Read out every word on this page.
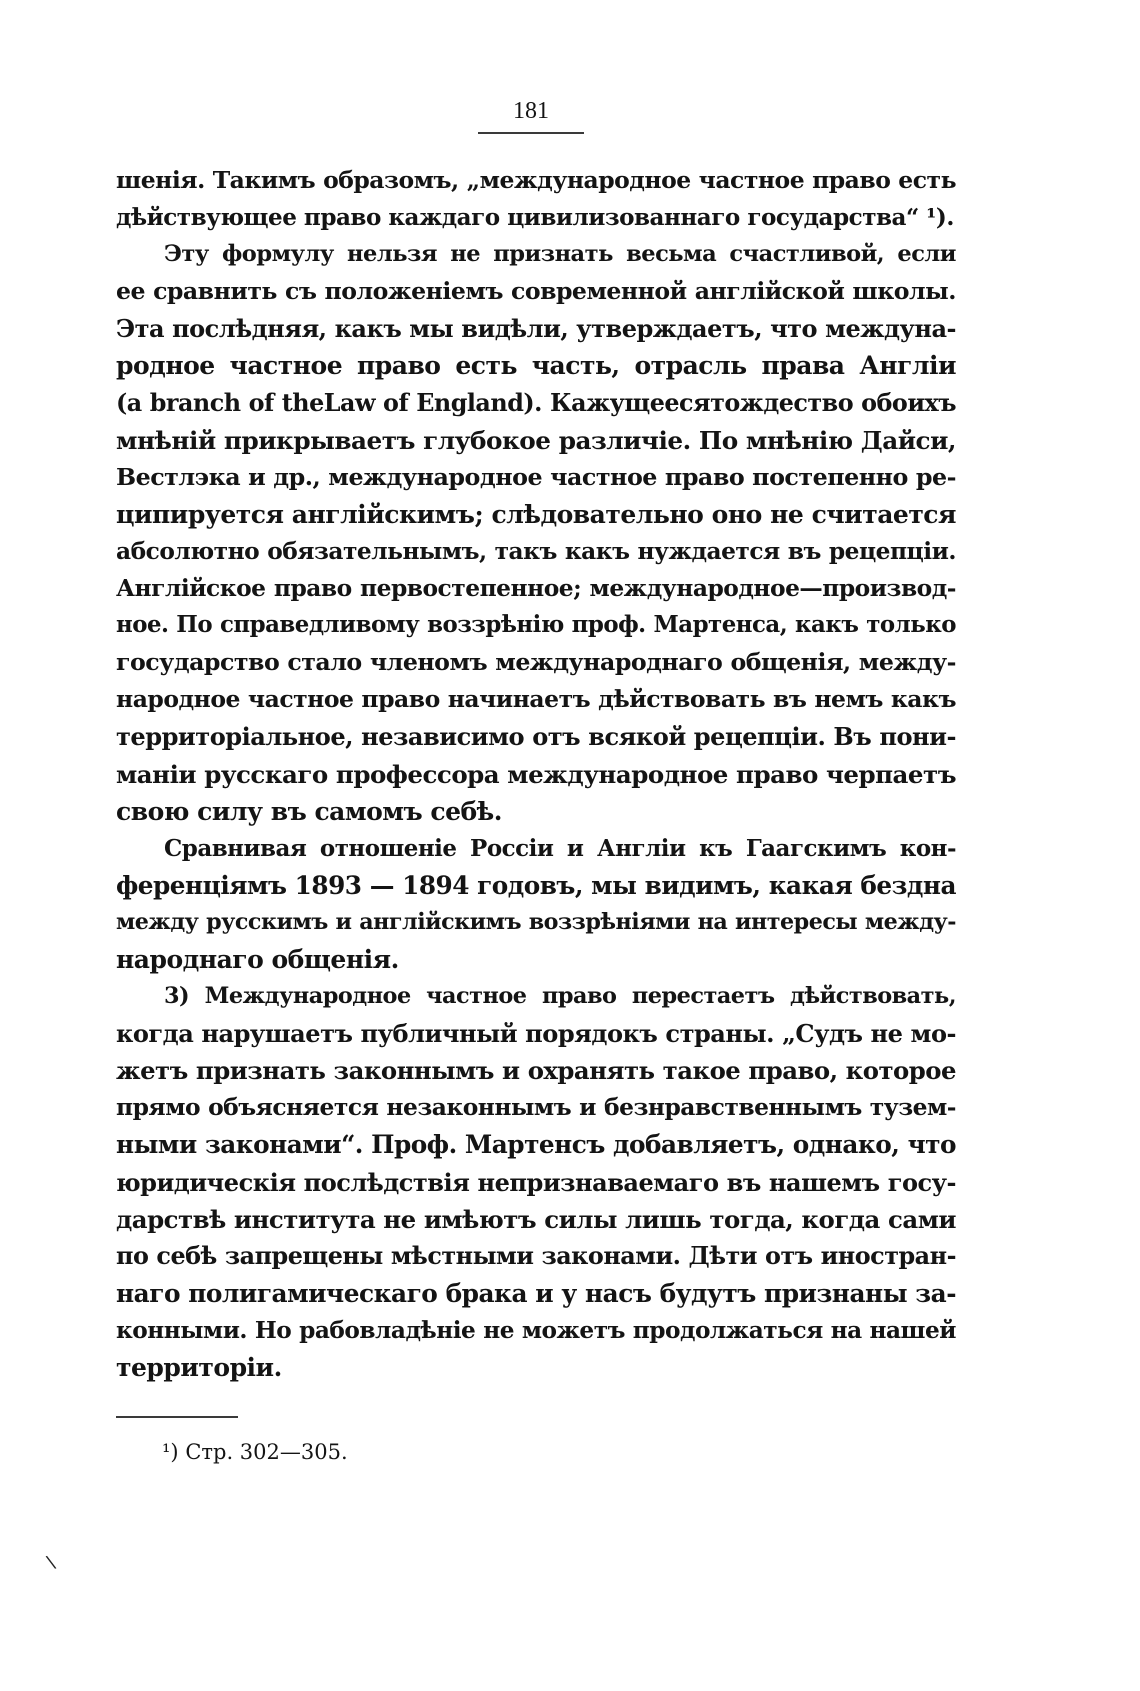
181
шенія. Такимъ образомъ, „международное частное право есть
дѣйствующее право каждаго цивилизованнаго государства“ ¹).
Эту формулу нельзя не признать весьма счастливой, если
ее сравнить съ положеніемъ современной англійской школы.
Эта послѣдняя, какъ мы видѣли, утверждаетъ, что междуна-
родное частное право есть часть, отрасль права Англіи
(a branch of theLaw of England). Кажущеесятождество обоихъ
мнѣній прикрываетъ глубокое различіе. По мнѣнію Дайси,
Вестлэка и др., международное частное право постепенно ре-
ципируется англійскимъ; слѣдовательно оно не считается
абсолютно обязательнымъ, такъ какъ нуждается въ рецепціи.
Англійское право первостепенное; международное—производ-
ное. По справедливому воззрѣнію проф. Мартенса, какъ только
государство стало членомъ международнаго общенія, между-
народное частное право начинаетъ дѣйствовать въ немъ какъ
территоріальное, независимо отъ всякой рецепціи. Въ пони-
маніи русскаго профессора международное право черпаетъ
свою силу въ самомъ себѣ.
Сравнивая отношеніе Россіи и Англіи къ Гаагскимъ кон-
ференціямъ 1893 — 1894 годовъ, мы видимъ, какая бездна
между русскимъ и англійскимъ воззрѣніями на интересы между-
народнаго общенія.
3) Международное частное право перестаетъ дѣйствовать,
когда нарушаетъ публичный порядокъ страны. „Судъ не мо-
жетъ признать законнымъ и охранять такое право, которое
прямо объясняется незаконнымъ и безнравственнымъ тузем-
ными законами“. Проф. Мартенсъ добавляетъ, однако, что
юридическія послѣдствія непризнаваемаго въ нашемъ госу-
дарствѣ института не имѣютъ силы лишь тогда, когда сами
по себѣ запрещены мѣстными законами. Дѣти отъ иностран-
наго полигамическаго брака и у насъ будутъ признаны за-
конными. Но рабовладѣніе не можетъ продолжаться на нашей
территоріи.
¹) Стр. 302—305.
\
